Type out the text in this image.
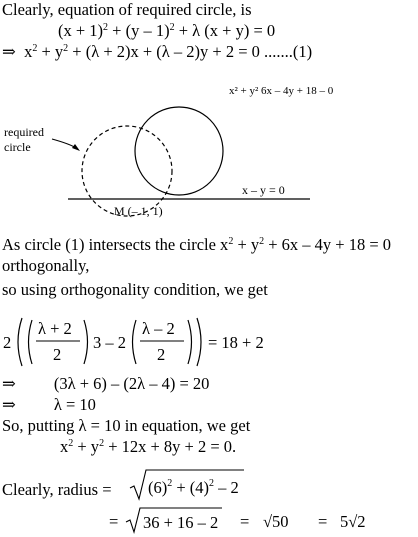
Clearly, equation of required circle, is
$(x + 1)^2 + (y - 1)^2 + \lambda$ (x + y) = 0
⇒ $x^2 + y^2 + (\lambda + 2)x + (\lambda - 2)y + 2 = 0$ .......(1)
x² + y² 6x – 4y + 18 – 0
required
circle
x – y = 0
M (– 1, 1)
As circle (1) intersects the circle $x^2 + y^2 + 6x - 4y + 18 = 0$
orthogonally,
so using orthogonality condition, we get
2
λ + 2
2
3 – 2
λ – 2
2
= 18 + 2
⇒ (3λ + 6) – (2λ – 4) = 20
⇒ λ = 10
So, putting λ = 10 in equation, we get
$x^2 + y^2 + 12x + 8y + 2 = 0$.
Clearly, radius = $(6)^2 + (4)^2 - 2$
= 36 + 16 – 2 = √50 = 5√2
